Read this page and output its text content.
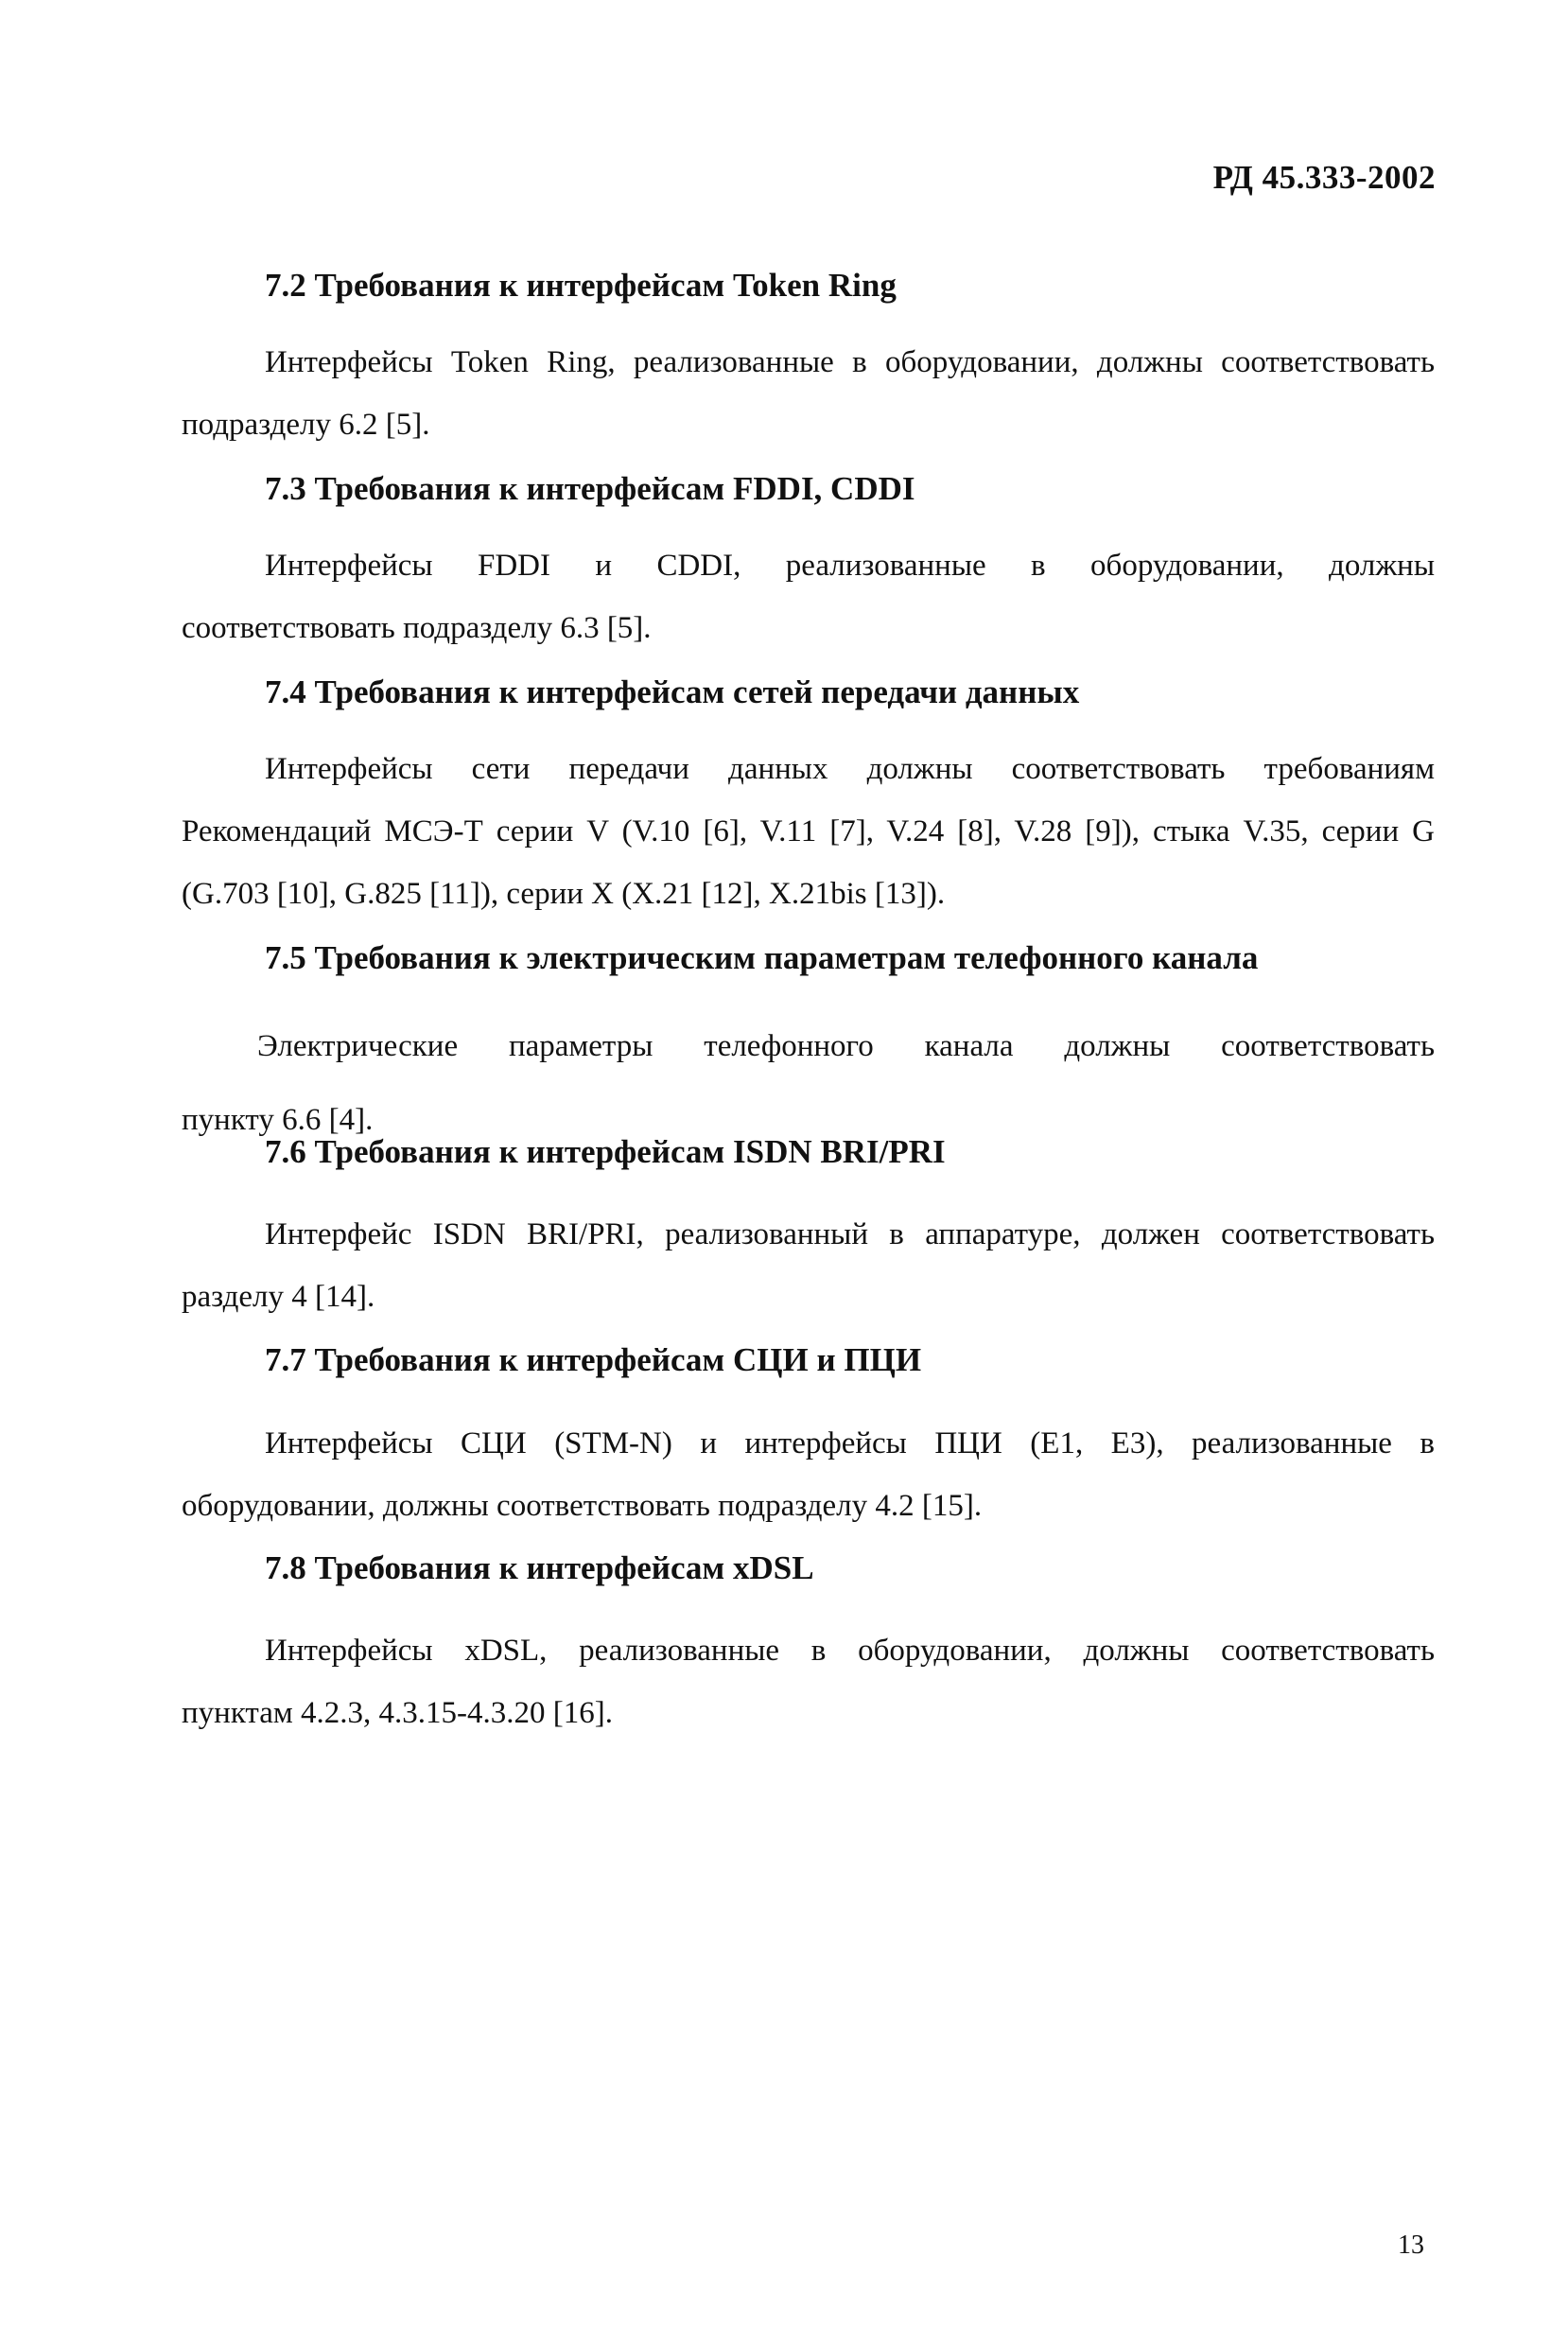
РД 45.333-2002
7.2 Требования к интерфейсам Token Ring
Интерфейсы Token Ring, реализованные в оборудовании, должны соответствовать
подразделу 6.2 [5].
7.3 Требования к интерфейсам FDDI, CDDI
Интерфейсы FDDI и CDDI, реализованные в оборудовании, должны
соответствовать подразделу 6.3 [5].
7.4 Требования к интерфейсам сетей передачи данных
Интерфейсы сети передачи данных должны соответствовать требованиям
Рекомендаций МСЭ-Т серии V (V.10 [6], V.11 [7], V.24 [8], V.28 [9]), стыка V.35, серии G
(G.703 [10], G.825 [11]), серии X (X.21 [12], X.21bis [13]).
7.5 Требования к электрическим параметрам телефонного канала
Электрические параметры телефонного канала должны соответствовать
пункту 6.6 [4].
7.6 Требования к интерфейсам ISDN BRI/PRI
Интерфейс ISDN BRI/PRI, реализованный в аппаратуре, должен соответствовать
разделу 4 [14].
7.7 Требования к интерфейсам СЦИ и ПЦИ
Интерфейсы СЦИ (STM-N) и интерфейсы ПЦИ (E1, E3), реализованные в
оборудовании, должны соответствовать подразделу 4.2 [15].
7.8 Требования к интерфейсам xDSL
Интерфейсы xDSL, реализованные в оборудовании, должны соответствовать
пунктам 4.2.3, 4.3.15-4.3.20 [16].
13
